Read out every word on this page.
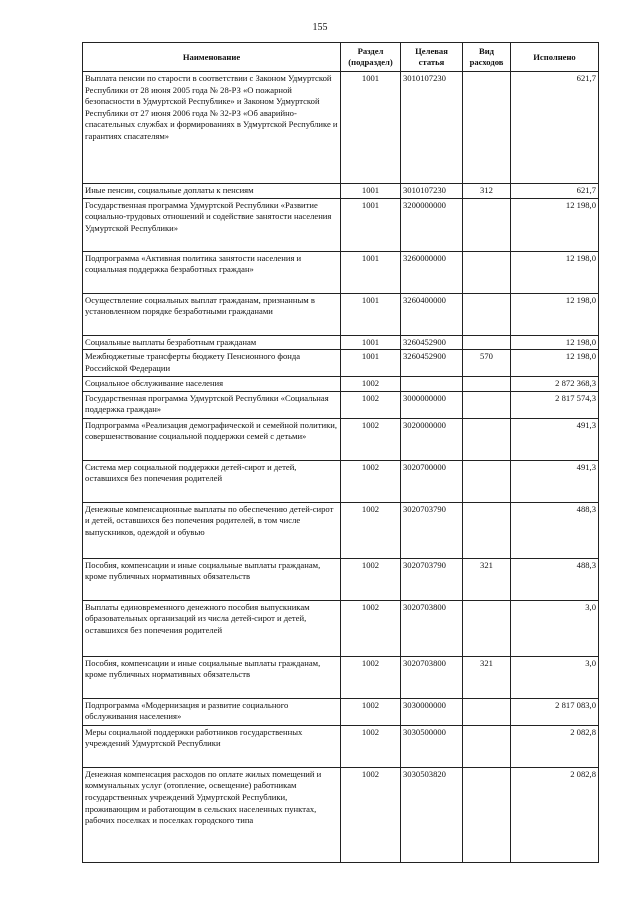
155
Наименование	Раздел (подраздел)	Целевая статья	Вид расходов	Исполнено
Выплата пенсии по старости в соответствии с Законом Удмуртской Республики от 28 июня 2005 года № 28-РЗ «О пожарной безопасности в Удмуртской Республике» и Законом Удмуртской Республики от 27 июня 2006 года № 32-РЗ «Об аварийно-спасательных службах и формированиях в Удмуртской Республике и гарантиях спасателям»	1001	3010107230		621,7
Иные пенсии, социальные доплаты к пенсиям	1001	3010107230	312	621,7
Государственная программа Удмуртской Республики «Развитие социально-трудовых отношений и содействие занятости населения Удмуртской Республики»	1001	3200000000		12 198,0
Подпрограмма «Активная политика занятости населения и социальная поддержка безработных граждан»	1001	3260000000		12 198,0
Осуществление социальных выплат гражданам, признанным в установленном порядке безработными гражданами	1001	3260400000		12 198,0
Социальные выплаты безработным гражданам	1001	3260452900		12 198,0
Межбюджетные трансферты бюджету Пенсионного фонда Российской Федерации	1001	3260452900	570	12 198,0
Социальное обслуживание населения	1002			2 872 368,3
Государственная программа Удмуртской Республики «Социальная поддержка граждан»	1002	3000000000		2 817 574,3
Подпрограмма «Реализация демографической и семейной политики, совершенствование социальной поддержки семей с детьми»	1002	3020000000		491,3
Система мер социальной поддержки детей-сирот и детей, оставшихся без попечения родителей	1002	3020700000		491,3
Денежные компенсационные выплаты по обеспечению детей-сирот и детей, оставшихся без попечения родителей, в том числе выпускников, одеждой и обувью	1002	3020703790		488,3
Пособия, компенсации и иные социальные выплаты гражданам, кроме публичных нормативных обязательств	1002	3020703790	321	488,3
Выплаты единовременного денежного пособия выпускникам образовательных организаций из числа детей-сирот и детей, оставшихся без попечения родителей	1002	3020703800		3,0
Пособия, компенсации и иные социальные выплаты гражданам, кроме публичных нормативных обязательств	1002	3020703800	321	3,0
Подпрограмма «Модернизация и развитие социального обслуживания населения»	1002	3030000000		2 817 083,0
Меры социальной поддержки работников государственных учреждений Удмуртской Республики	1002	3030500000		2 082,8
Денежная компенсация расходов по оплате жилых помещений и коммунальных услуг (отопление, освещение) работникам государственных учреждений Удмуртской Республики, проживающим и работающим в сельских населенных пунктах, рабочих поселках и поселках городского типа	1002	3030503820		2 082,8
